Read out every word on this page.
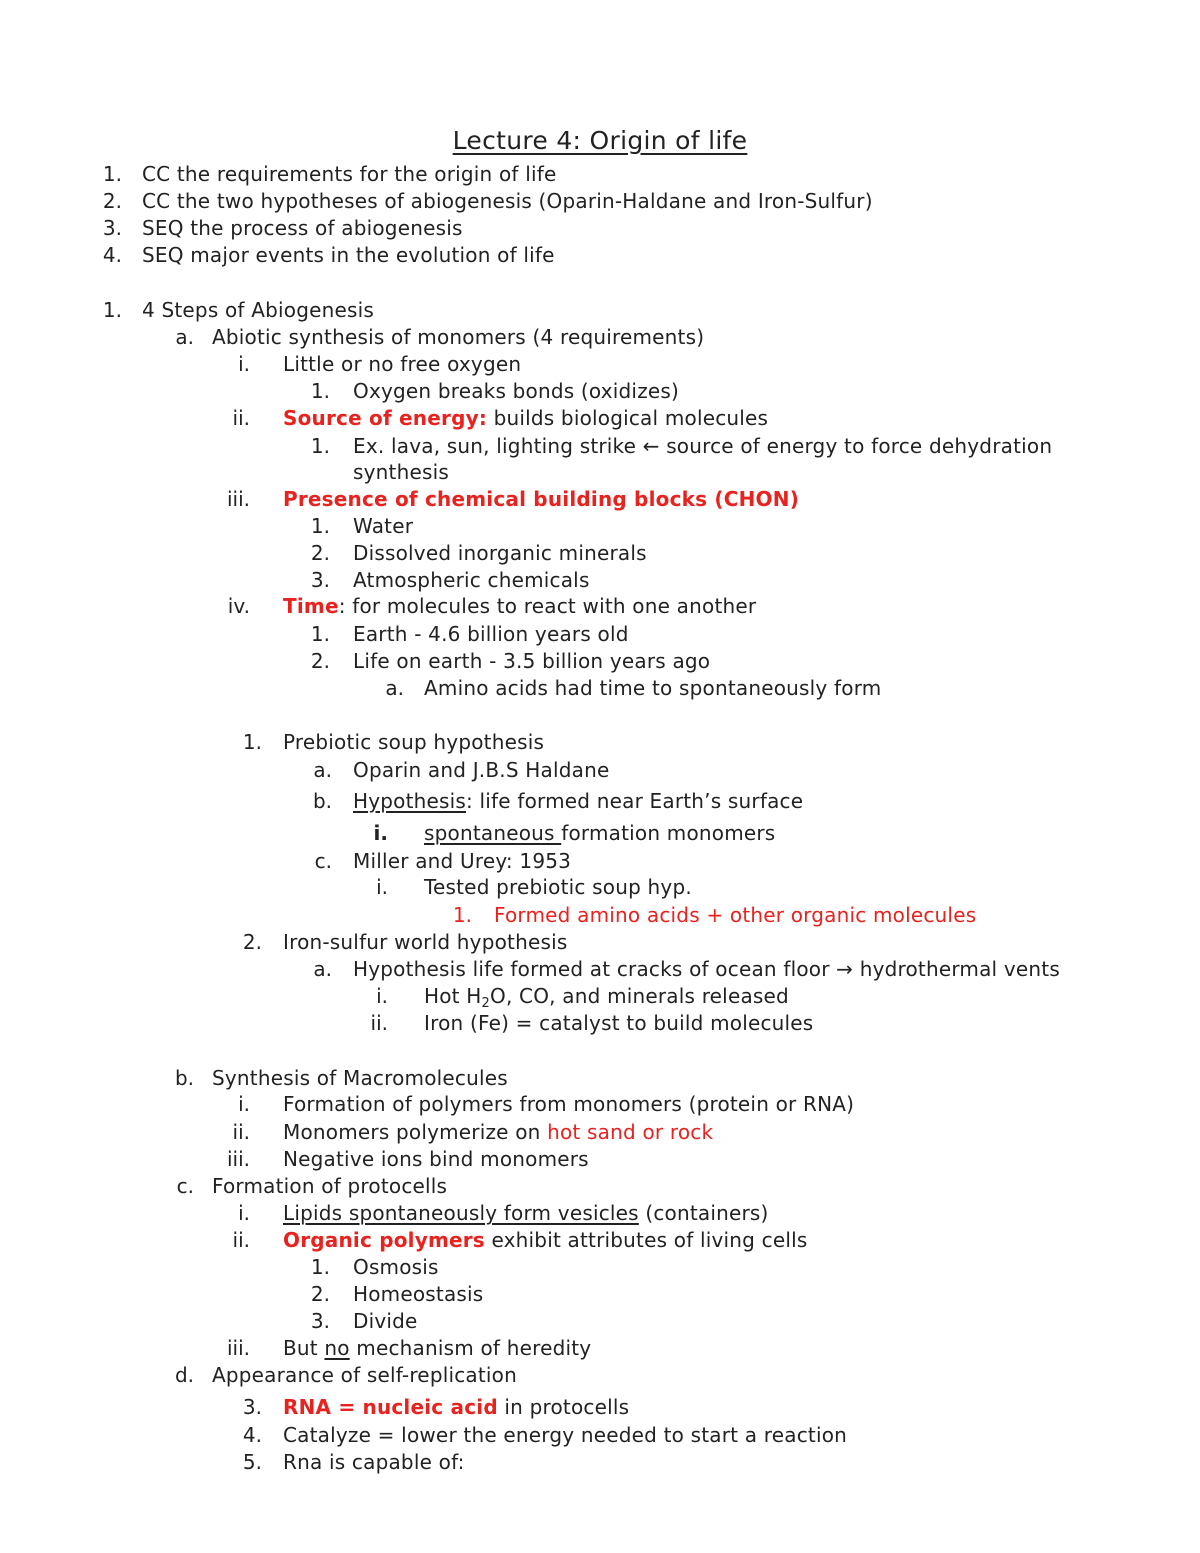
Lecture 4: Origin of life
1. CC the requirements for the origin of life
2. CC the two hypotheses of abiogenesis (Oparin-Haldane and Iron-Sulfur)
3. SEQ the process of abiogenesis
4. SEQ major events in the evolution of life
1. 4 Steps of Abiogenesis
a. Abiotic synthesis of monomers (4 requirements)
i. Little or no free oxygen
1. Oxygen breaks bonds (oxidizes)
ii. Source of energy: builds biological molecules
1. Ex. lava, sun, lighting strike ← source of energy to force dehydration
synthesis
iii. Presence of chemical building blocks (CHON)
1. Water
2. Dissolved inorganic minerals
3. Atmospheric chemicals
iv. Time: for molecules to react with one another
1. Earth - 4.6 billion years old
2. Life on earth - 3.5 billion years ago
a. Amino acids had time to spontaneously form
1. Prebiotic soup hypothesis
a. Oparin and J.B.S Haldane
b. Hypothesis: life formed near Earth’s surface
i. spontaneous formation monomers
c. Miller and Urey: 1953
i. Tested prebiotic soup hyp.
1. Formed amino acids + other organic molecules
2. Iron-sulfur world hypothesis
a. Hypothesis life formed at cracks of ocean floor → hydrothermal vents
i. Hot $H_2O$, CO, and minerals released
ii. Iron (Fe) = catalyst to build molecules
b. Synthesis of Macromolecules
i. Formation of polymers from monomers (protein or RNA)
ii. Monomers polymerize on hot sand or rock
iii. Negative ions bind monomers
c. Formation of protocells
i. Lipids spontaneously form vesicles (containers)
ii. Organic polymers exhibit attributes of living cells
1. Osmosis
2. Homeostasis
3. Divide
iii. But no mechanism of heredity
d. Appearance of self-replication
3. RNA = nucleic acid in protocells
4. Catalyze = lower the energy needed to start a reaction
5. Rna is capable of:
